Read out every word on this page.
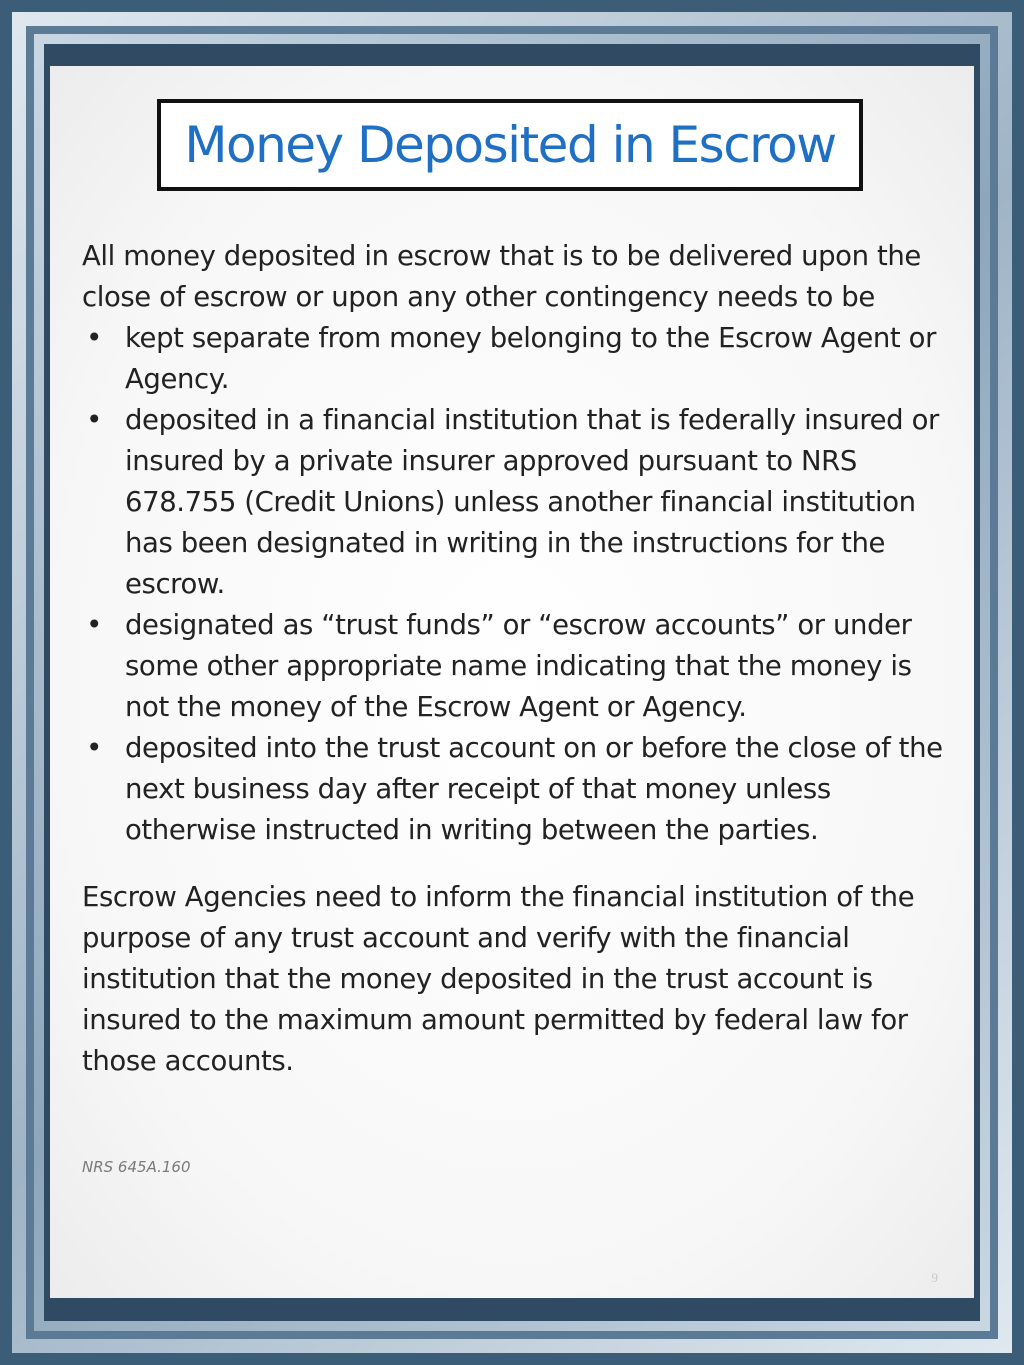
Money Deposited in Escrow

All money deposited in escrow that is to be delivered upon the close of escrow or upon any other contingency needs to be

• kept separate from money belonging to the Escrow Agent or Agency.
• deposited in a financial institution that is federally insured or insured by a private insurer approved pursuant to NRS 678.755 (Credit Unions) unless another financial institution has been designated in writing in the instructions for the escrow.
• designated as “trust funds” or “escrow accounts” or under some other appropriate name indicating that the money is not the money of the Escrow Agent or Agency.
• deposited into the trust account on or before the close of the next business day after receipt of that money unless otherwise instructed in writing between the parties.

Escrow Agencies need to inform the financial institution of the purpose of any trust account and verify with the financial institution that the money deposited in the trust account is insured to the maximum amount permitted by federal law for those accounts.

NRS 645A.160
9
